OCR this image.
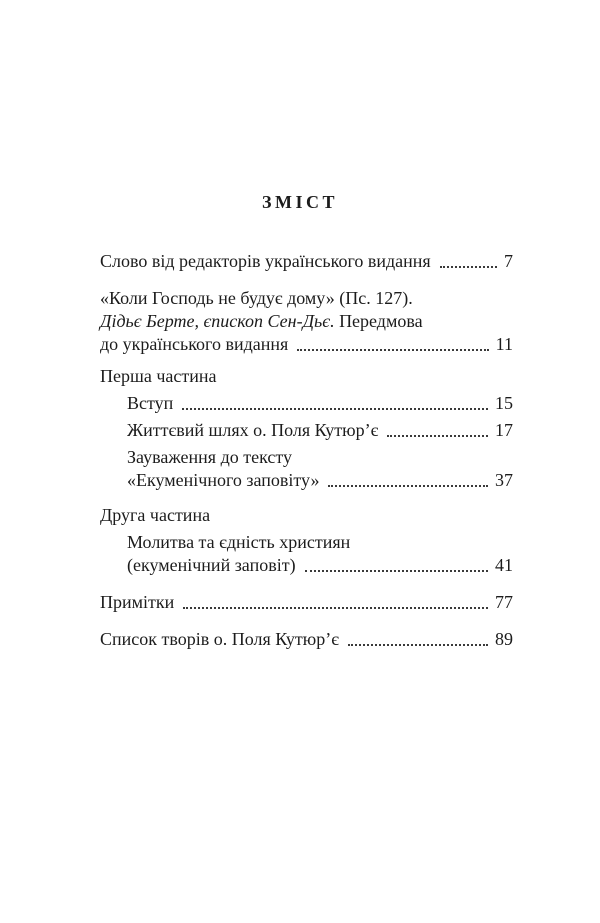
ЗМІСТ
Слово від редакторів українського видання	7
«Коли Господь не будує дому» (Пс. 127).
Дідьє Берте, єпископ Сен-Дьє. Передмова
до українського видання	11
Перша частина
Вступ	15
Життєвий шлях о. Поля Кутюр’є	17
Зауваження до тексту
«Екуменічного заповіту»	37
Друга частина
Молитва та єдність християн
(екуменічний заповіт)	41
Примітки	77
Список творів о. Поля Кутюр’є	89
